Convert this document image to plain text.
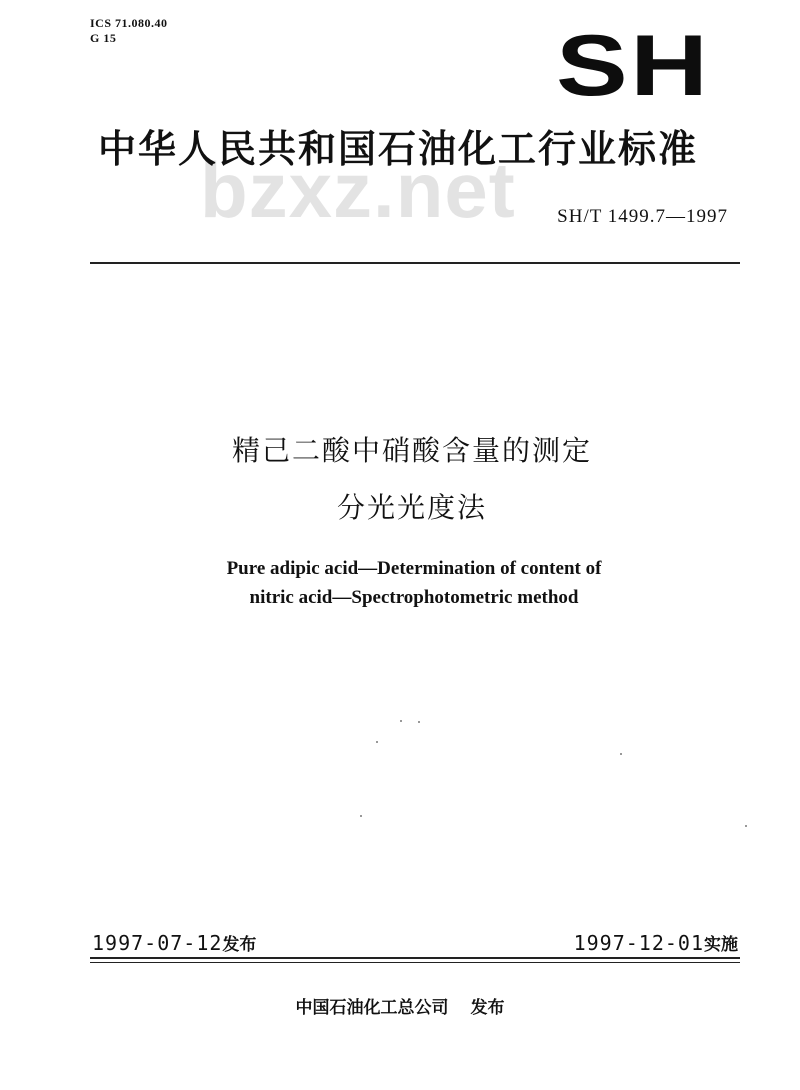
ICS 71.080.40
G 15	SH
bzxz.net
中华人民共和国石油化工行业标准
SH/T 1499.7—1997
精己二酸中硝酸含量的测定
分光光度法
Pure adipic acid—Determination of content of
nitric acid—Spectrophotometric method
1997-07-12发布	1997-12-01实施
中国石油化工总公司 发布
